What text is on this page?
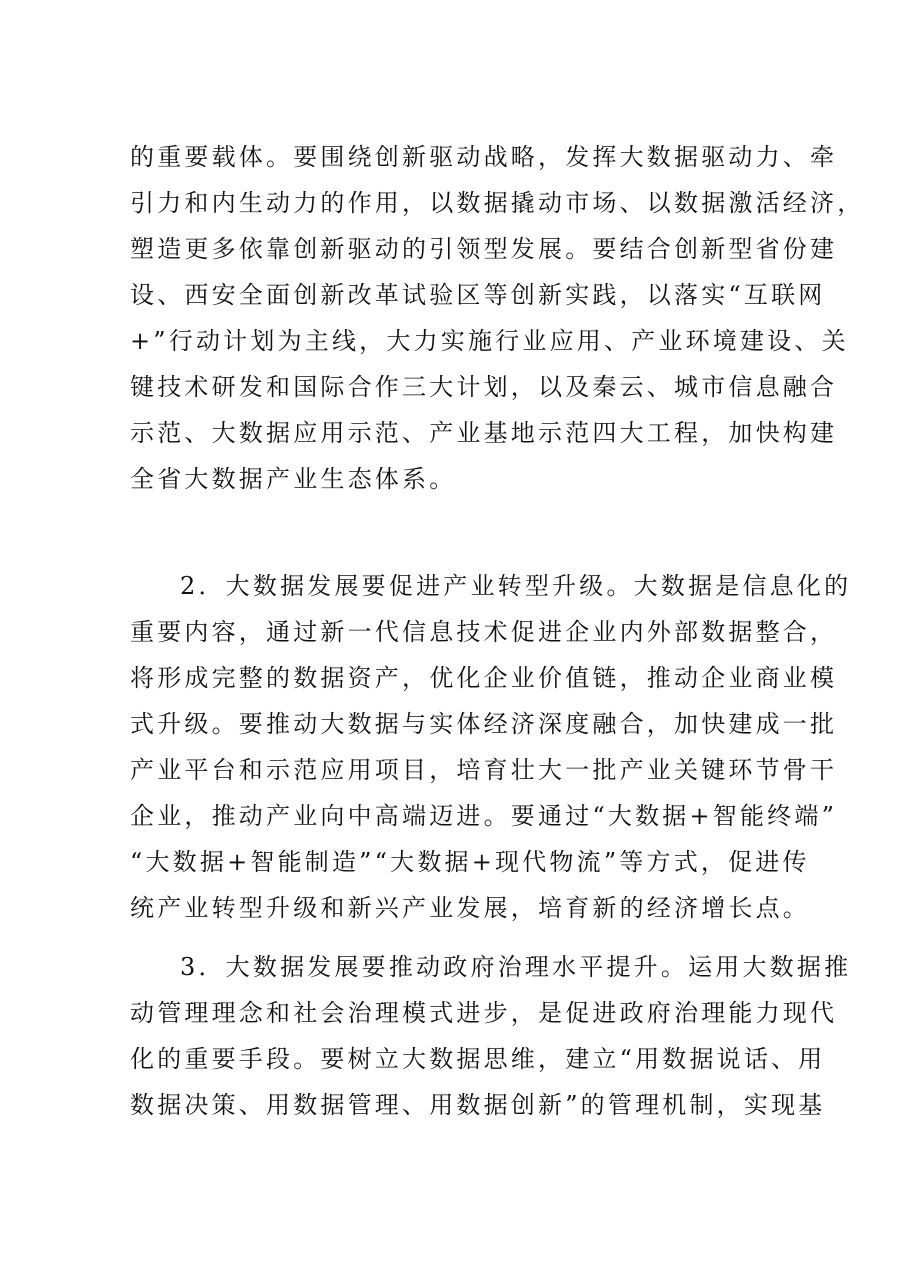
的重要载体。要围绕创新驱动战略，发挥大数据驱动力、牵
引力和内生动力的作用，以数据撬动市场、以数据激活经济，
塑造更多依靠创新驱动的引领型发展。要结合创新型省份建
设、西安全面创新改革试验区等创新实践，以落实“互联网
+”行动计划为主线，大力实施行业应用、产业环境建设、关
键技术研发和国际合作三大计划，以及秦云、城市信息融合
示范、大数据应用示范、产业基地示范四大工程，加快构建
全省大数据产业生态体系。
2．大数据发展要促进产业转型升级。大数据是信息化的
重要内容，通过新一代信息技术促进企业内外部数据整合，
将形成完整的数据资产，优化企业价值链，推动企业商业模
式升级。要推动大数据与实体经济深度融合，加快建成一批
产业平台和示范应用项目，培育壮大一批产业关键环节骨干
企业，推动产业向中高端迈进。要通过“大数据+智能终端”
“大数据+智能制造”“大数据+现代物流”等方式，促进传
统产业转型升级和新兴产业发展，培育新的经济增长点。
3．大数据发展要推动政府治理水平提升。运用大数据推
动管理理念和社会治理模式进步，是促进政府治理能力现代
化的重要手段。要树立大数据思维，建立“用数据说话、用
数据决策、用数据管理、用数据创新”的管理机制，实现基
